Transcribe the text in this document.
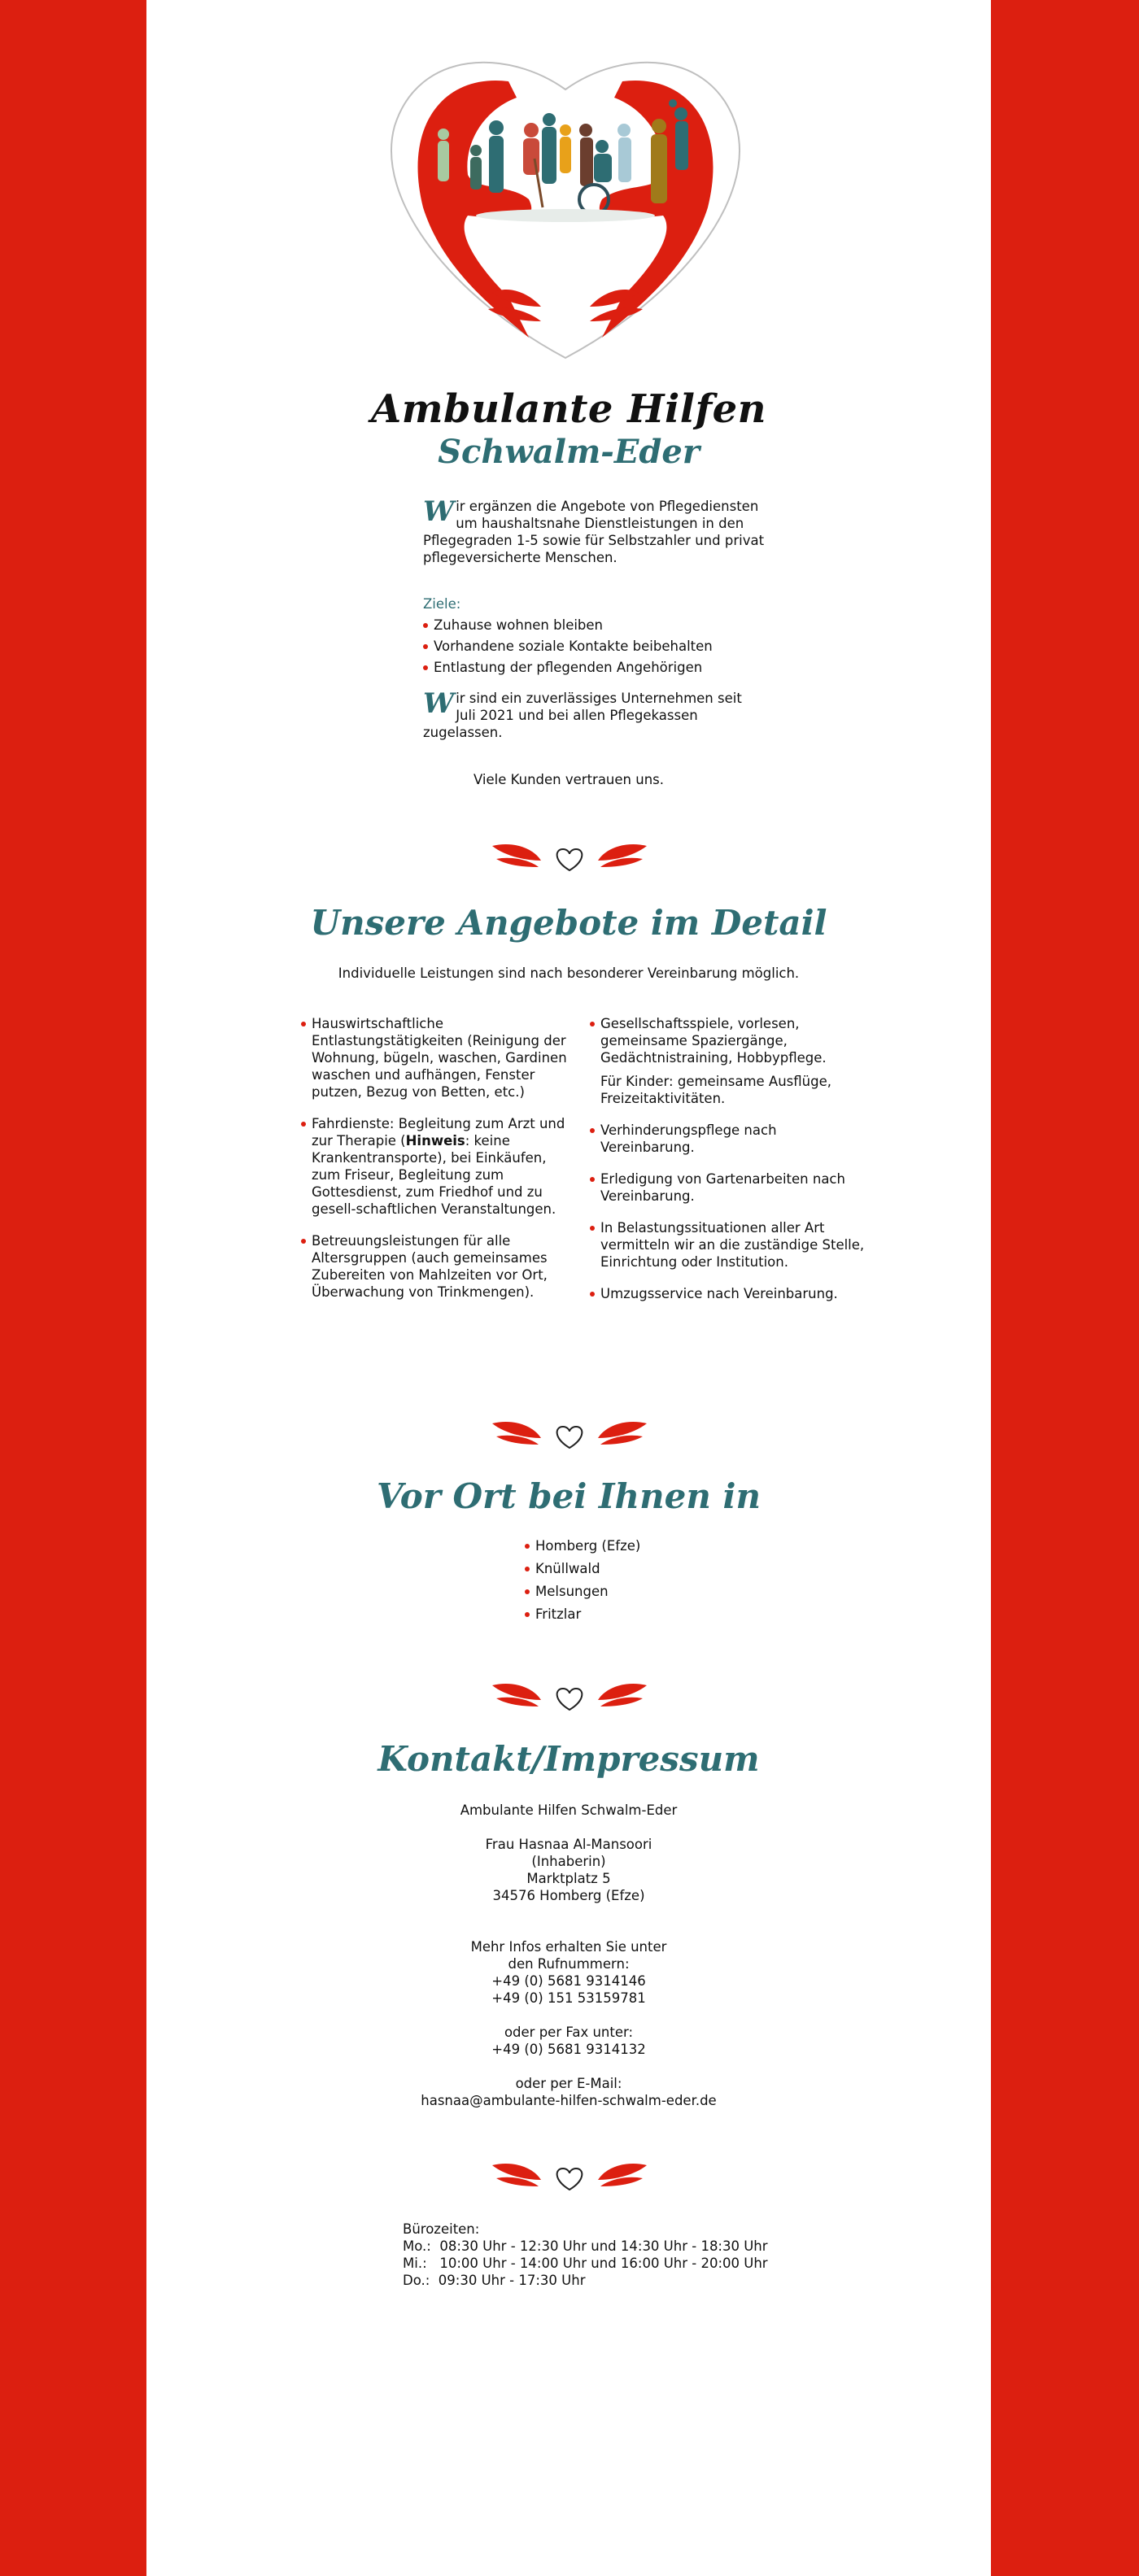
Ambulante Hilfen
Schwalm-Eder
Wir ergänzen die Angebote von Pflegediensten um haushaltsnahe Dienstleistungen in den Pflegegraden 1-5 sowie für Selbstzahler und privat pflegeversicherte Menschen.
Ziele:
Zuhause wohnen bleiben
Vorhandene soziale Kontakte beibehalten
Entlastung der pflegenden Angehörigen
Wir sind ein zuverlässiges Unternehmen seit Juli 2021 und bei allen Pflegekassen zugelassen.
Viele Kunden vertrauen uns.
Unsere Angebote im Detail
Individuelle Leistungen sind nach besonderer Vereinbarung möglich.
Hauswirtschaftliche Entlastungstätigkeiten (Reinigung der Wohnung, bügeln, waschen, Gardinen waschen und aufhängen, Fenster putzen, Bezug von Betten, etc.)
Fahrdienste: Begleitung zum Arzt und zur Therapie (Hinweis: keine Krankentransporte), bei Einkäufen, zum Friseur, Begleitung zum Gottesdienst, zum Friedhof und zu gesell-schaftlichen Veranstaltungen.
Betreuungsleistungen für alle Altersgruppen (auch gemeinsames Zubereiten von Mahlzeiten vor Ort, Überwachung von Trinkmengen).
Gesellschaftsspiele, vorlesen, gemeinsame Spaziergänge, Gedächtnistraining, Hobbypflege.
Für Kinder: gemeinsame Ausflüge, Freizeitaktivitäten.
Verhinderungspflege nach Vereinbarung.
Erledigung von Gartenarbeiten nach Vereinbarung.
In Belastungssituationen aller Art vermitteln wir an die zuständige Stelle, Einrichtung oder Institution.
Umzugsservice nach Vereinbarung.
Vor Ort bei Ihnen in
Homberg (Efze)
Knüllwald
Melsungen
Fritzlar
Kontakt/Impressum
Ambulante Hilfen Schwalm-Eder
Frau Hasnaa Al-Mansoori
(Inhaberin)
Marktplatz 5
34576 Homberg (Efze)
Mehr Infos erhalten Sie unter
den Rufnummern:
+49 (0) 5681 9314146
+49 (0) 151 53159781
oder per Fax unter:
+49 (0) 5681 9314132
oder per E-Mail:
hasnaa@ambulante-hilfen-schwalm-eder.de
Bürozeiten:
Mo.:  08:30 Uhr - 12:30 Uhr und 14:30 Uhr - 18:30 Uhr
Mi.:   10:00 Uhr - 14:00 Uhr und 16:00 Uhr - 20:00 Uhr
Do.:  09:30 Uhr - 17:30 Uhr
